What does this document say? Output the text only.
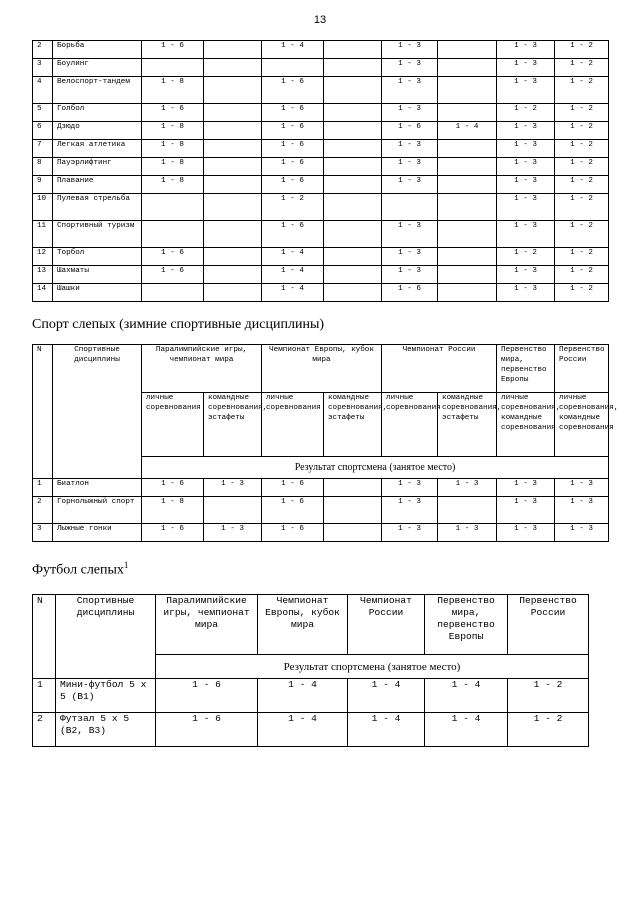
13
2	Борьба	1 - 6		1 - 4		1 - 3		1 - 3	1 - 2
3	Боулинг					1 - 3		1 - 3	1 - 2
4	Велоспорт-тандем	1 - 8		1 - 6		1 - 3		1 - 3	1 - 2
5	Голбол	1 - 6		1 - 6		1 - 3		1 - 2	1 - 2
6	Дзюдо	1 - 8		1 - 6		1 - 6	1 - 4	1 - 3	1 - 2
7	Легкая атлетика	1 - 8		1 - 6		1 - 3		1 - 3	1 - 2
8	Пауэрлифтинг	1 - 8		1 - 6		1 - 3		1 - 3	1 - 2
9	Плавание	1 - 8		1 - 6		1 - 3		1 - 3	1 - 2
10	Пулевая стрельба			1 - 2				1 - 3	1 - 2
11	Спортивный туризм			1 - 6		1 - 3		1 - 3	1 - 2
12	Торбол	1 - 6		1 - 4		1 - 3		1 - 2	1 - 2
13	Шахматы	1 - 6		1 - 4		1 - 3		1 - 3	1 - 2
14	Шашки			1 - 4		1 - 6		1 - 3	1 - 2
Спорт слепых (зимние спортивные дисциплины)
N	Спортивные дисциплины	Паралимпийские игры, чемпионат мира		Чемпионат Европы, кубок мира		Чемпионат России		Первенство мира, первенство Европы	Первенство России
		личные соревнования	командные соревнования, эстафеты	личные соревнования	командные соревнования, эстафеты	личные соревнования	командные соревнования, эстафеты	личные соревнования, командные соревнования	личные соревнования, командные соревнования
		Результат спортсмена (занятое место)							
1	Биатлон	1 - 6	1 - 3	1 - 6		1 - 3	1 - 3	1 - 3	1 - 3
2	Горнолыжный спорт	1 - 8		1 - 6		1 - 3		1 - 3	1 - 3
3	Лыжные гонки	1 - 6	1 - 3	1 - 6		1 - 3	1 - 3	1 - 3	1 - 3
Футбол слепых$^1$
N	Спортивные дисциплины	Паралимпийские игры, чемпионат мира	Чемпионат Европы, кубок мира	Чемпионат России	Первенство мира, первенство Европы	Первенство России
		Результат спортсмена (занятое место)				
1	Мини-футбол 5 x 5 (B1)	1 - 6	1 - 4	1 - 4	1 - 4	1 - 2
2	Футзал 5 x 5 (B2, B3)	1 - 6	1 - 4	1 - 4	1 - 4	1 - 2
